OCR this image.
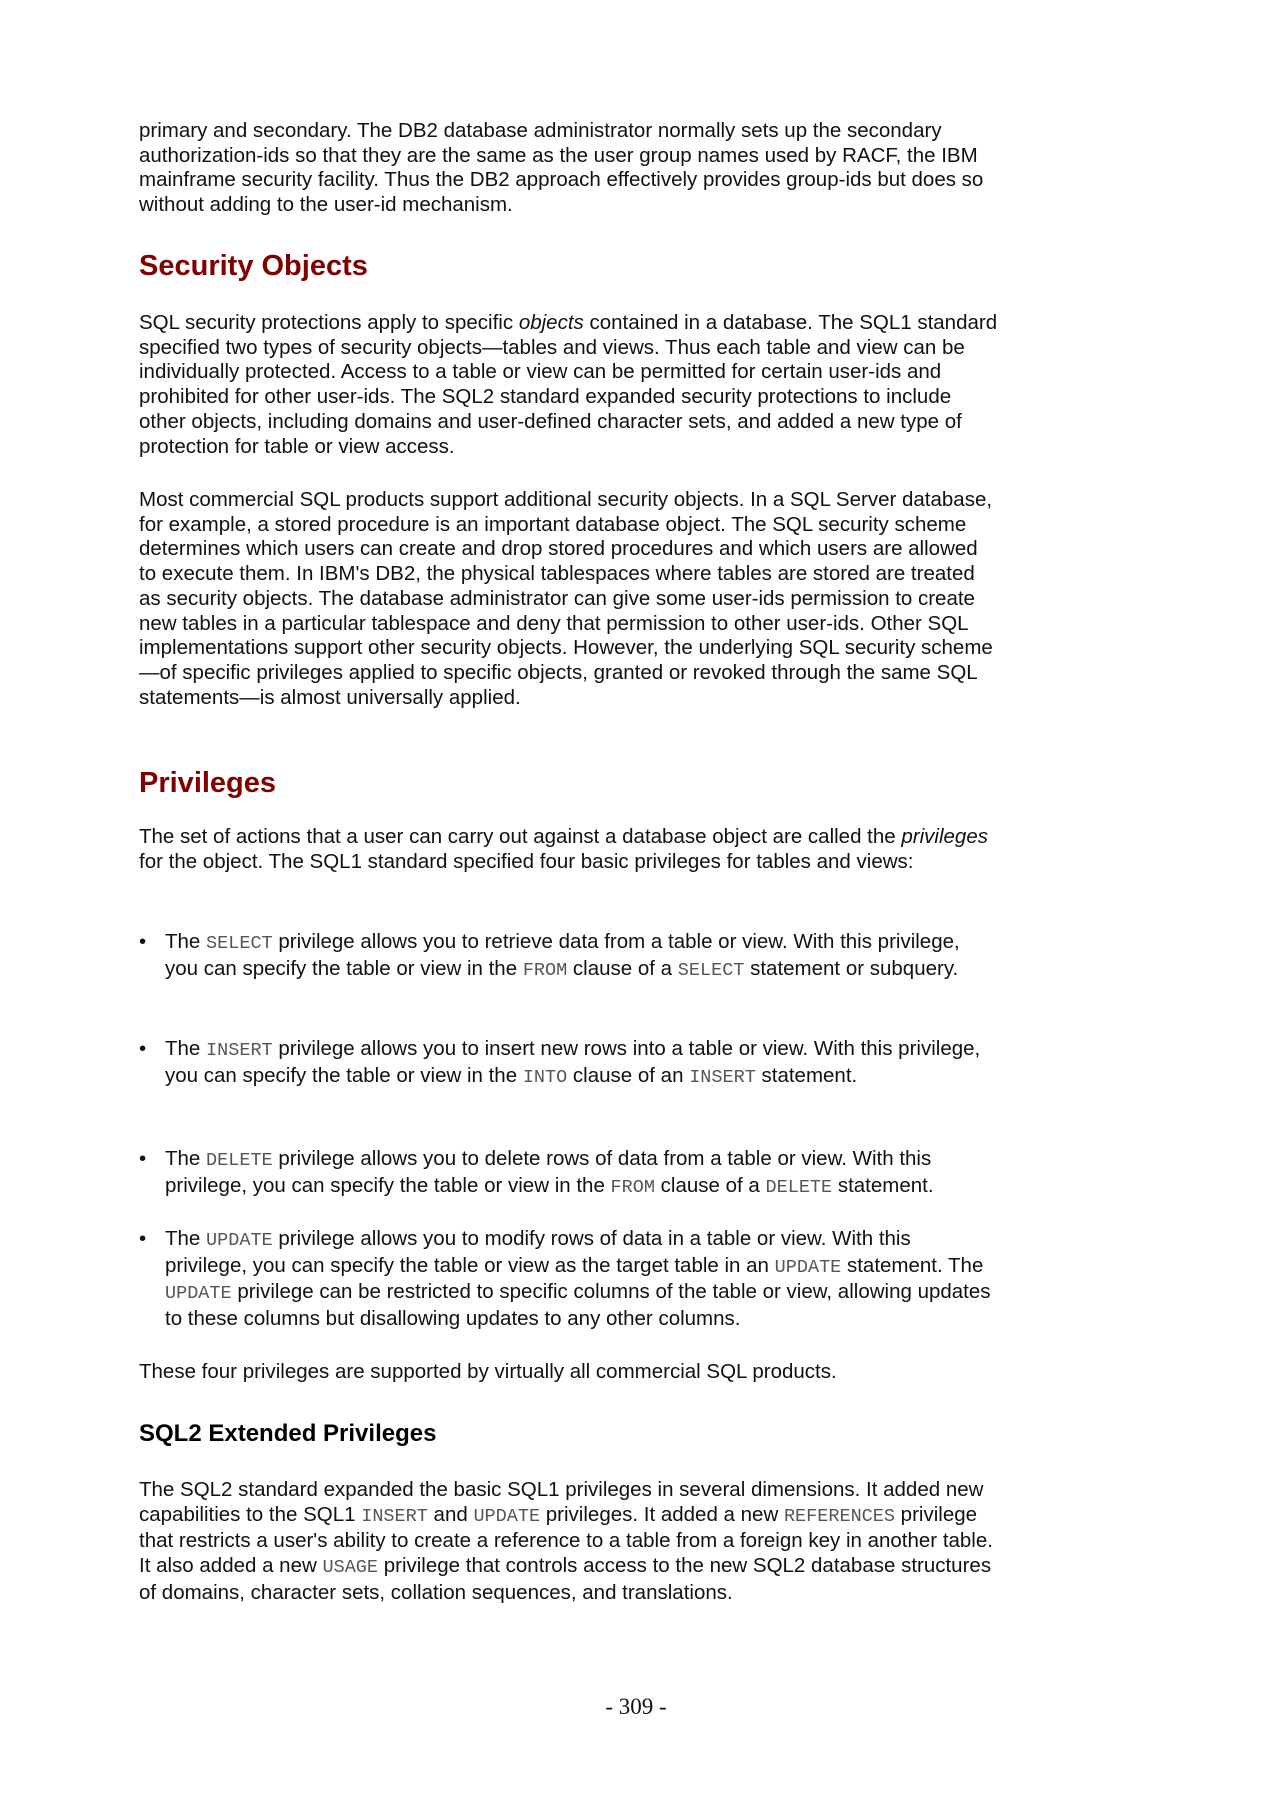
primary and secondary. The DB2 database administrator normally sets up the secondary authorization-ids so that they are the same as the user group names used by RACF, the IBM mainframe security facility. Thus the DB2 approach effectively provides group-ids but does so without adding to the user-id mechanism.

Security Objects

SQL security protections apply to specific objects contained in a database. The SQL1 standard specified two types of security objects—tables and views. Thus each table and view can be individually protected. Access to a table or view can be permitted for certain user-ids and prohibited for other user-ids. The SQL2 standard expanded security protections to include other objects, including domains and user-defined character sets, and added a new type of protection for table or view access.

Most commercial SQL products support additional security objects. In a SQL Server database, for example, a stored procedure is an important database object. The SQL security scheme determines which users can create and drop stored procedures and which users are allowed to execute them. In IBM's DB2, the physical tablespaces where tables are stored are treated as security objects. The database administrator can give some user-ids permission to create new tables in a particular tablespace and deny that permission to other user-ids. Other SQL implementations support other security objects. However, the underlying SQL security scheme—of specific privileges applied to specific objects, granted or revoked through the same SQL statements—is almost universally applied.

Privileges

The set of actions that a user can carry out against a database object are called the privileges for the object. The SQL1 standard specified four basic privileges for tables and views:

• The SELECT privilege allows you to retrieve data from a table or view. With this privilege, you can specify the table or view in the FROM clause of a SELECT statement or subquery.
• The INSERT privilege allows you to insert new rows into a table or view. With this privilege, you can specify the table or view in the INTO clause of an INSERT statement.
• The DELETE privilege allows you to delete rows of data from a table or view. With this privilege, you can specify the table or view in the FROM clause of a DELETE statement.
• The UPDATE privilege allows you to modify rows of data in a table or view. With this privilege, you can specify the table or view as the target table in an UPDATE statement. The UPDATE privilege can be restricted to specific columns of the table or view, allowing updates to these columns but disallowing updates to any other columns.

These four privileges are supported by virtually all commercial SQL products.

SQL2 Extended Privileges

The SQL2 standard expanded the basic SQL1 privileges in several dimensions. It added new capabilities to the SQL1 INSERT and UPDATE privileges. It added a new REFERENCES privilege that restricts a user's ability to create a reference to a table from a foreign key in another table. It also added a new USAGE privilege that controls access to the new SQL2 database structures of domains, character sets, collation sequences, and translations.

- 309 -
